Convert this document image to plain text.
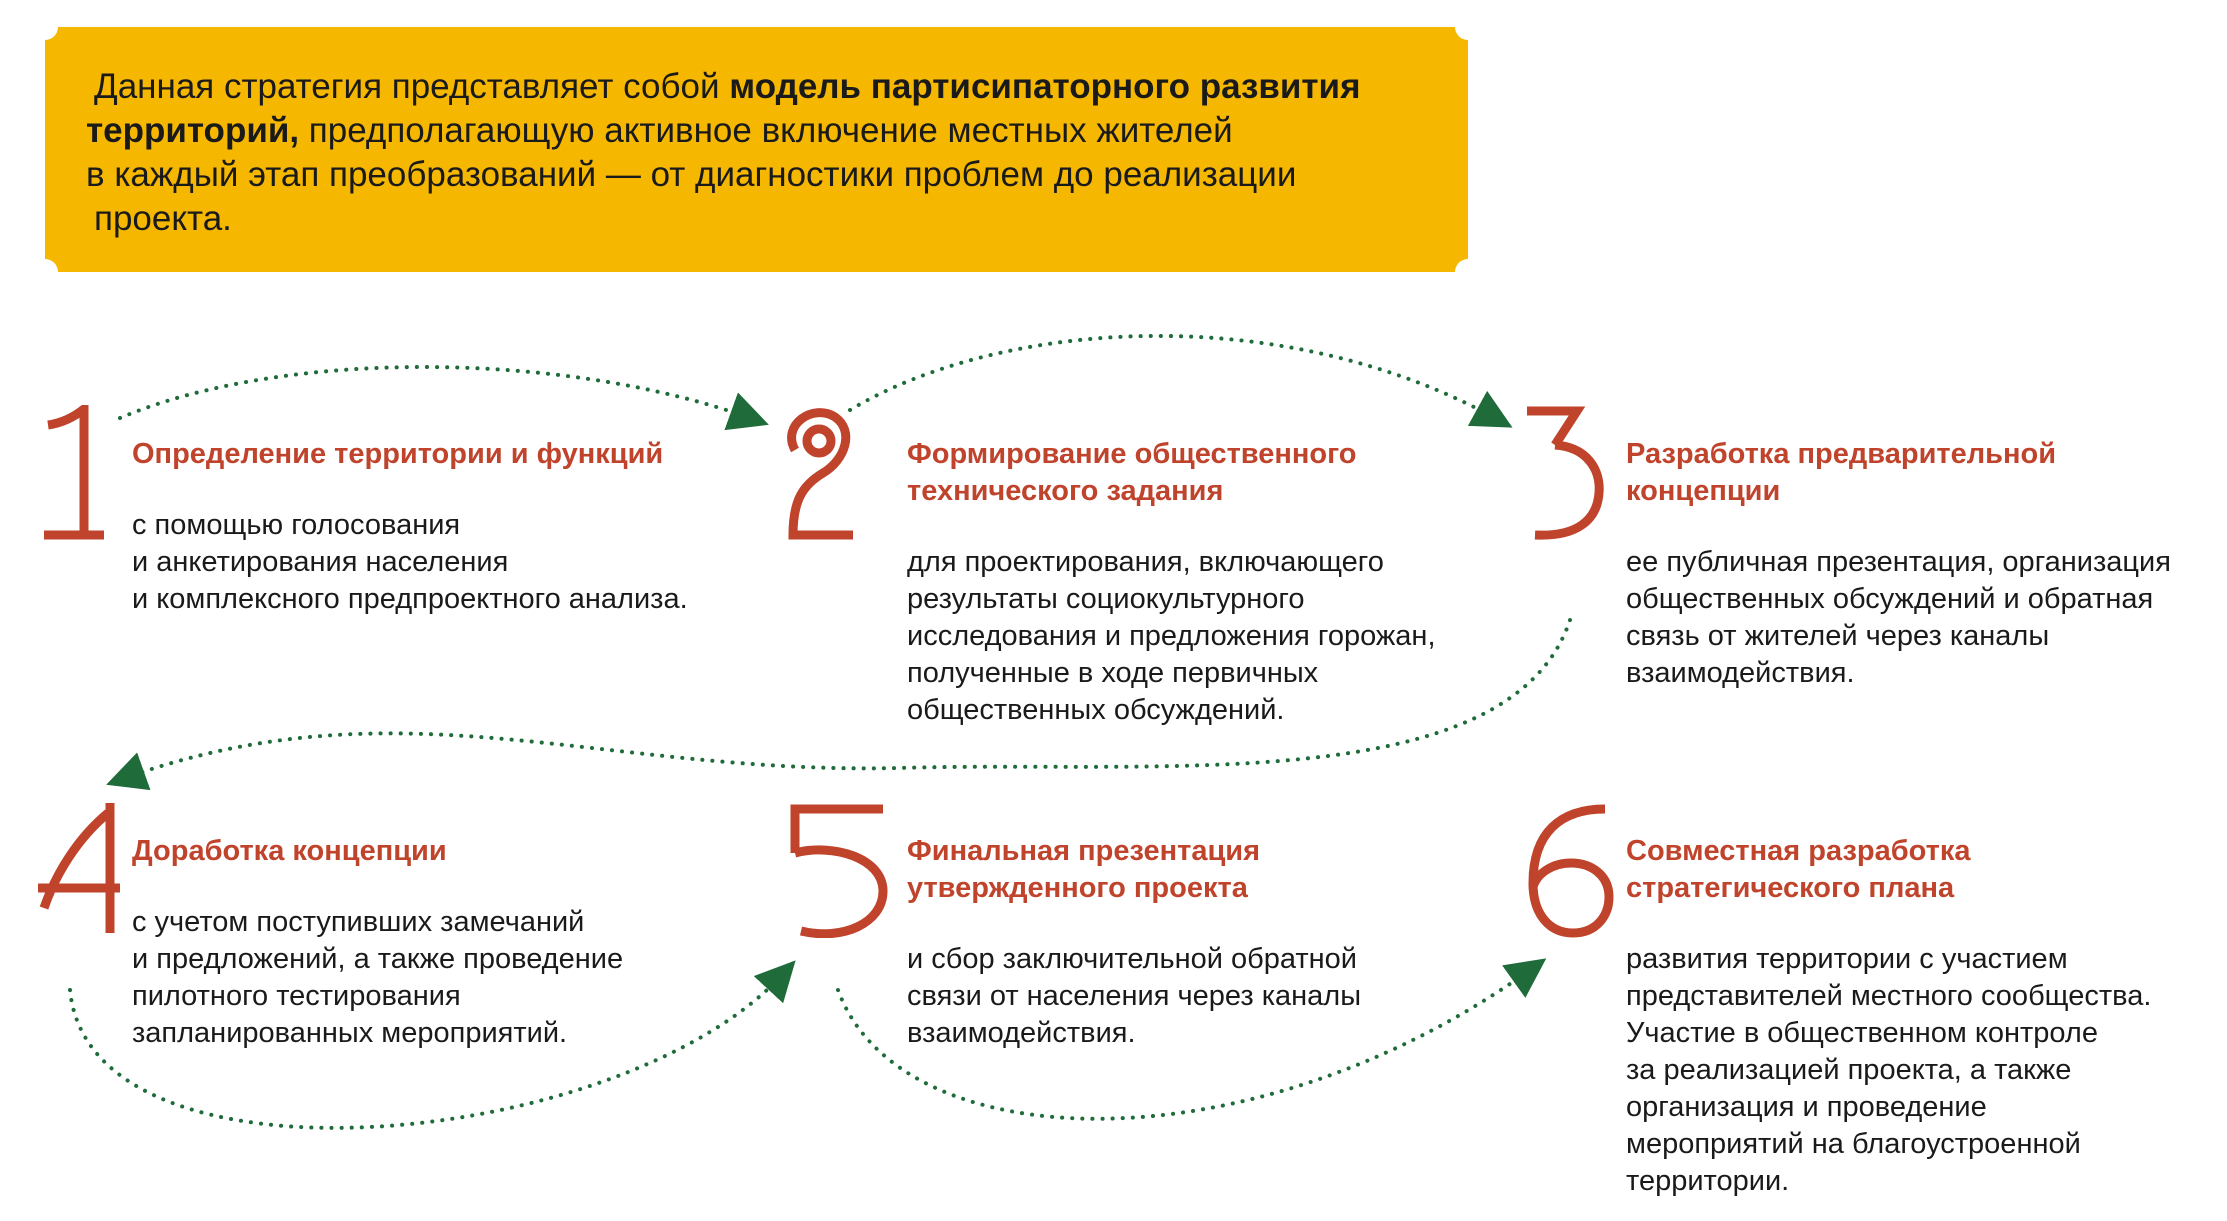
Данная стратегия представляет собой модель партисипаторного развития
территорий, предполагающую активное включение местных жителей
в каждый этап преобразований — от диагностики проблем до реализации
проекта.
Определение территории и функций
с помощью голосования
и анкетирования населения
и комплексного предпроектного анализа.
Формирование общественного
технического задания
для проектирования, включающего
результаты социокультурного
исследования и предложения горожан,
полученные в ходе первичных
общественных обсуждений.
Разработка предварительной
концепции
ее публичная презентация, организация
общественных обсуждений и обратная
связь от жителей через каналы
взаимодействия.
Доработка концепции
с учетом поступивших замечаний
и предложений, а также проведение
пилотного тестирования
запланированных мероприятий.
Финальная презентация
утвержденного проекта
и сбор заключительной обратной
связи от населения через каналы
взаимодействия.
Совместная разработка
стратегического плана
развития территории с участием
представителей местного сообщества.
Участие в общественном контроле
за реализацией проекта, а также
организация и проведение
мероприятий на благоустроенной
территории.
